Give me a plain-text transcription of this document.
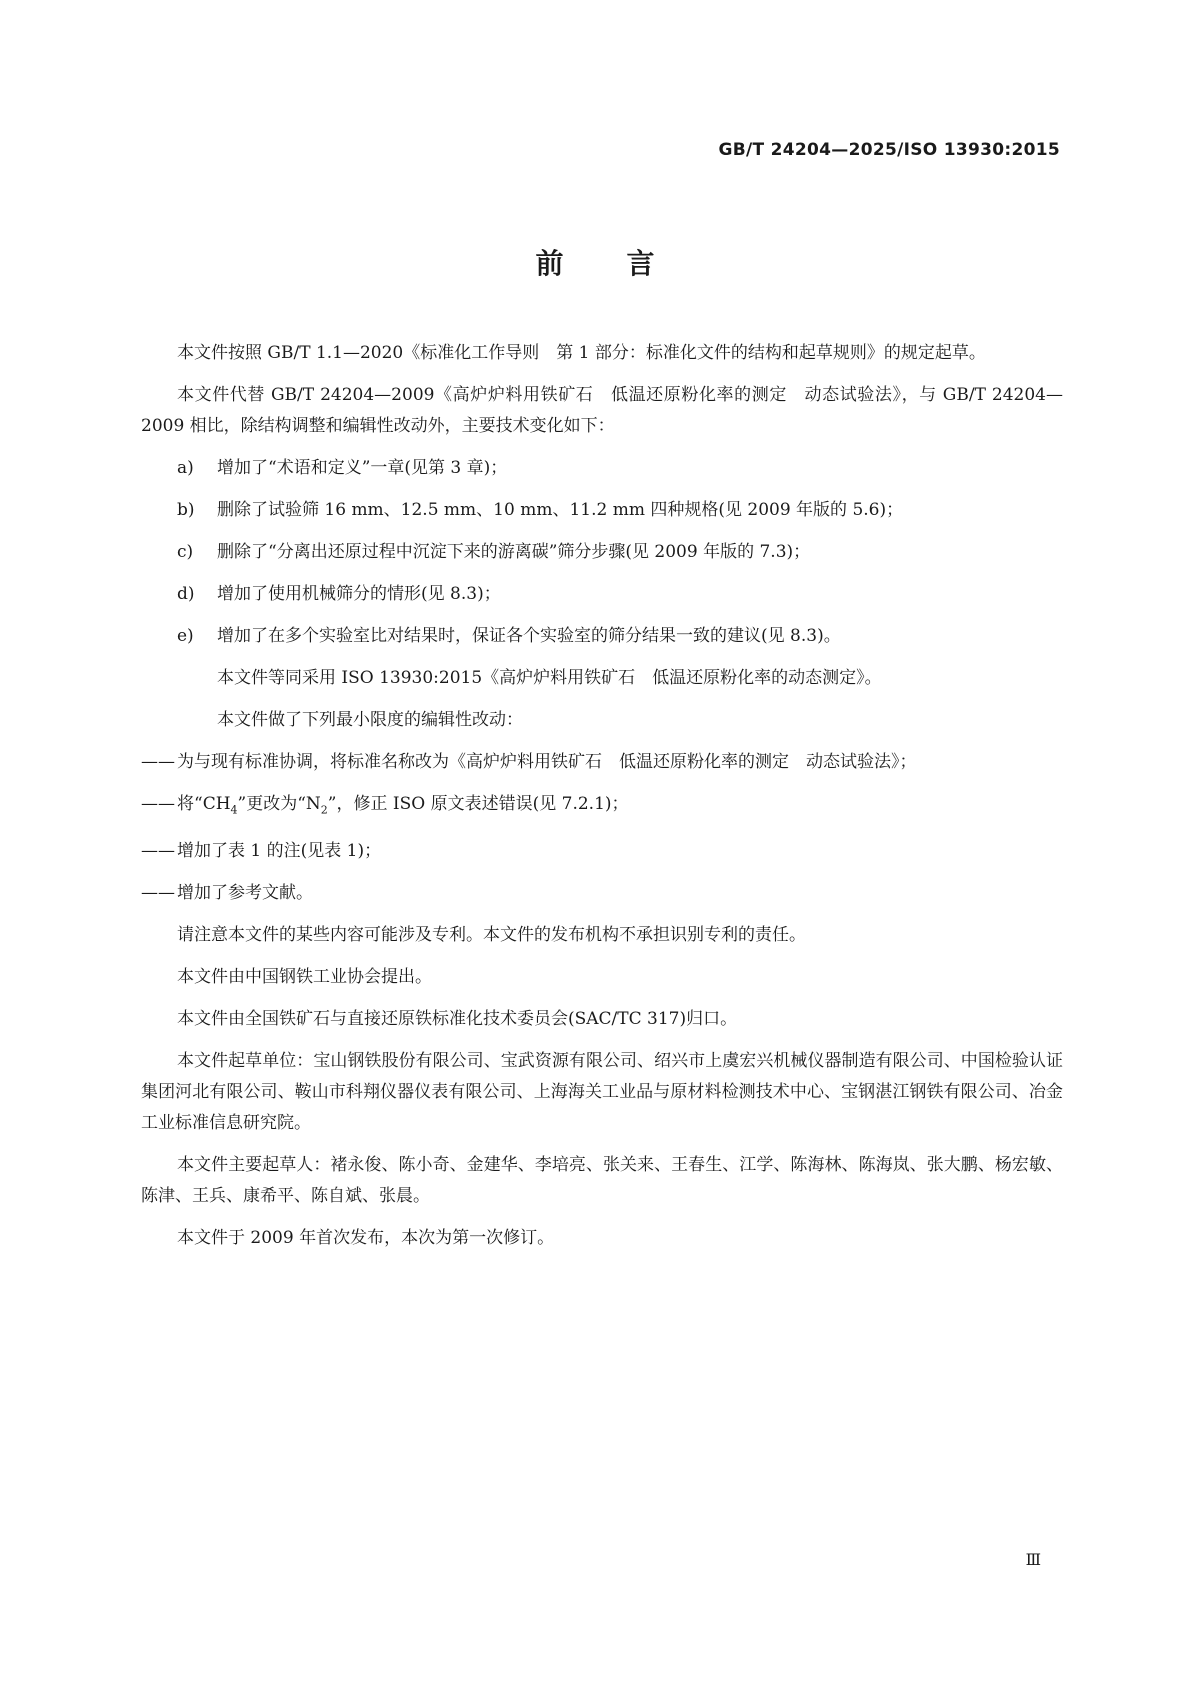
GB/T 24204—2025/ISO 13930:2015
前 言

本文件按照 GB/T 1.1—2020《标准化工作导则　第 1 部分：标准化文件的结构和起草规则》的规定起草。

本文件代替 GB/T 24204—2009《高炉炉料用铁矿石　低温还原粉化率的测定　动态试验法》，与 GB/T 24204—2009 相比，除结构调整和编辑性改动外，主要技术变化如下：

a) 增加了“术语和定义”一章(见第 3 章)；
b) 删除了试验筛 16 mm、12.5 mm、10 mm、11.2 mm 四种规格(见 2009 年版的 5.6)；
c) 删除了“分离出还原过程中沉淀下来的游离碳”筛分步骤(见 2009 年版的 7.3)；
d) 增加了使用机械筛分的情形(见 8.3)；
e) 增加了在多个实验室比对结果时，保证各个实验室的筛分结果一致的建议(见 8.3)。

本文件等同采用 ISO 13930:2015《高炉炉料用铁矿石　低温还原粉化率的动态测定》。

本文件做了下列最小限度的编辑性改动：

—— 为与现有标准协调，将标准名称改为《高炉炉料用铁矿石　低温还原粉化率的测定　动态试验法》；
—— 将“$CH_4$”更改为“$N_2$”，修正 ISO 原文表述错误(见 7.2.1)；
—— 增加了表 1 的注(见表 1)；
—— 增加了参考文献。

请注意本文件的某些内容可能涉及专利。本文件的发布机构不承担识别专利的责任。

本文件由中国钢铁工业协会提出。

本文件由全国铁矿石与直接还原铁标准化技术委员会(SAC/TC 317)归口。

本文件起草单位：宝山钢铁股份有限公司、宝武资源有限公司、绍兴市上虞宏兴机械仪器制造有限公司、中国检验认证集团河北有限公司、鞍山市科翔仪器仪表有限公司、上海海关工业品与原材料检测技术中心、宝钢湛江钢铁有限公司、冶金工业标准信息研究院。

本文件主要起草人：褚永俊、陈小奇、金建华、李培亮、张关来、王春生、江学、陈海林、陈海岚、张大鹏、杨宏敏、陈津、王兵、康希平、陈自斌、张晨。

本文件于 2009 年首次发布，本次为第一次修订。

Ⅲ
